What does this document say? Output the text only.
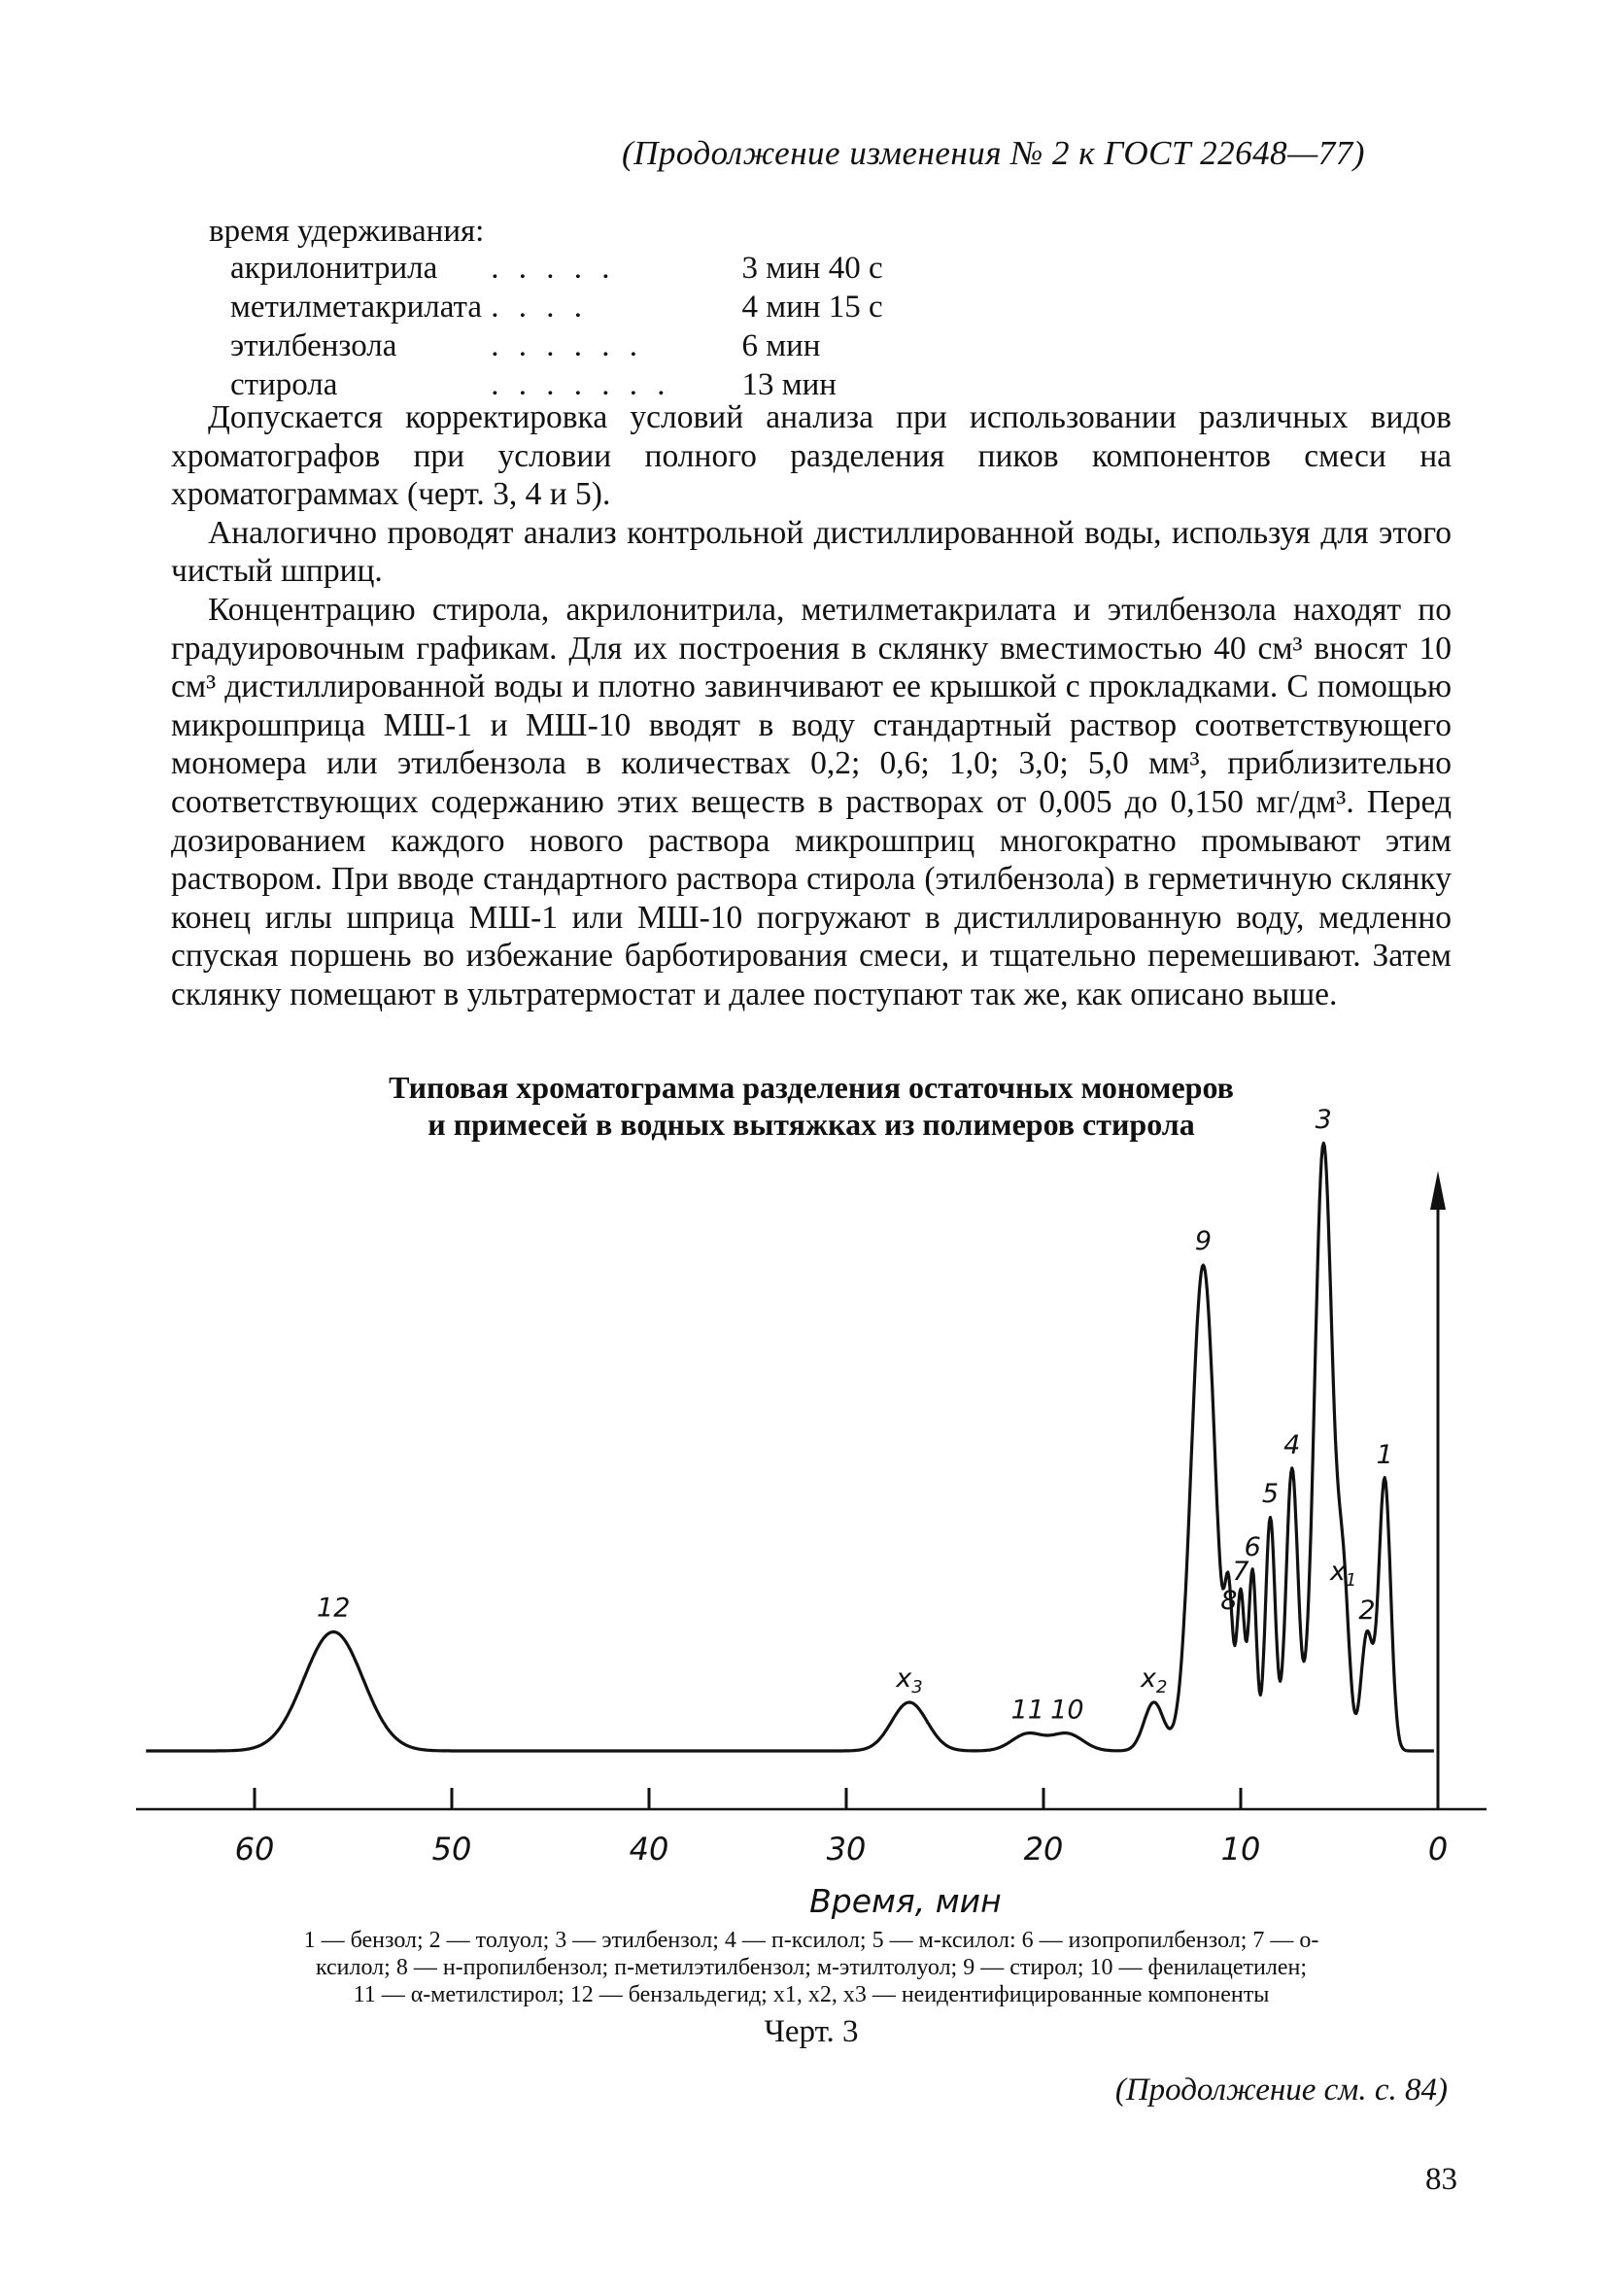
(Продолжение изменения № 2 к ГОСТ 22648—77)
время удерживания:
акрилонитрила . . . . .	3 мин 40 с
метилметакрилата . . . .	4 мин 15 с
этилбензола	. . . . . .	6 мин
стирола	. . . . . . . 13 мин

Допускается корректировка условий анализа при использовании различных видов хроматографов при условии полного разделения пиков компонентов смеси на хроматограммах (черт. 3, 4 и 5).

Аналогично проводят анализ контрольной дистиллированной воды, используя для этого чистый шприц.

Концентрацию стирола, акрилонитрила, метилметакрилата и этилбензола находят по градуировочным графикам. Для их построения в склянку вместимостью 40 см³ вносят 10 см³ дистиллированной воды и плотно завинчивают ее крышкой с прокладками. С помощью микрошприца МШ-1 и МШ-10 вводят в воду стандартный раствор соответствующего мономера или этилбензола в количествах 0,2; 0,6; 1,0; 3,0; 5,0 мм³, приблизительно соответствующих содержанию этих веществ в растворах от 0,005 до 0,150 мг/дм³. Перед дозированием каждого нового раствора микрошприц многократно промывают этим раствором. При вводе стандартного раствора стирола (этилбензола) в герметичную склянку конец иглы шприца МШ-1 или МШ-10 погружают в дистиллированную воду, медленно спуская поршень во избежание барботирования смеси, и тщательно перемешивают. Затем склянку помещают в ультратермостат и далее поступают так же, как описано выше.

Типовая хроматограмма разделения остаточных мономеров
и примесей в водных вытяжках из полимеров стирола
60	50	40	30	20	10	0
Время, мин
12
$x_3$
11 10
$x_2$
9
8
7
6
5
4
3
$x_1$
2
1
1 — бензол; 2 — толуол; 3 — этилбензол; 4 — п-ксилол; 5 — м-ксилол: 6 — изопропилбензол; 7 — о-
ксилол; 8 — н-пропилбензол; п-метилэтилбензол; м-этилтолуол; 9 — стирол; 10 — фенилацетилен;
11 — α-метилстирол; 12 — бензальдегид; x1, x2, x3 — неидентифицированные компоненты
Черт. 3
(Продолжение см. с. 84)
83
